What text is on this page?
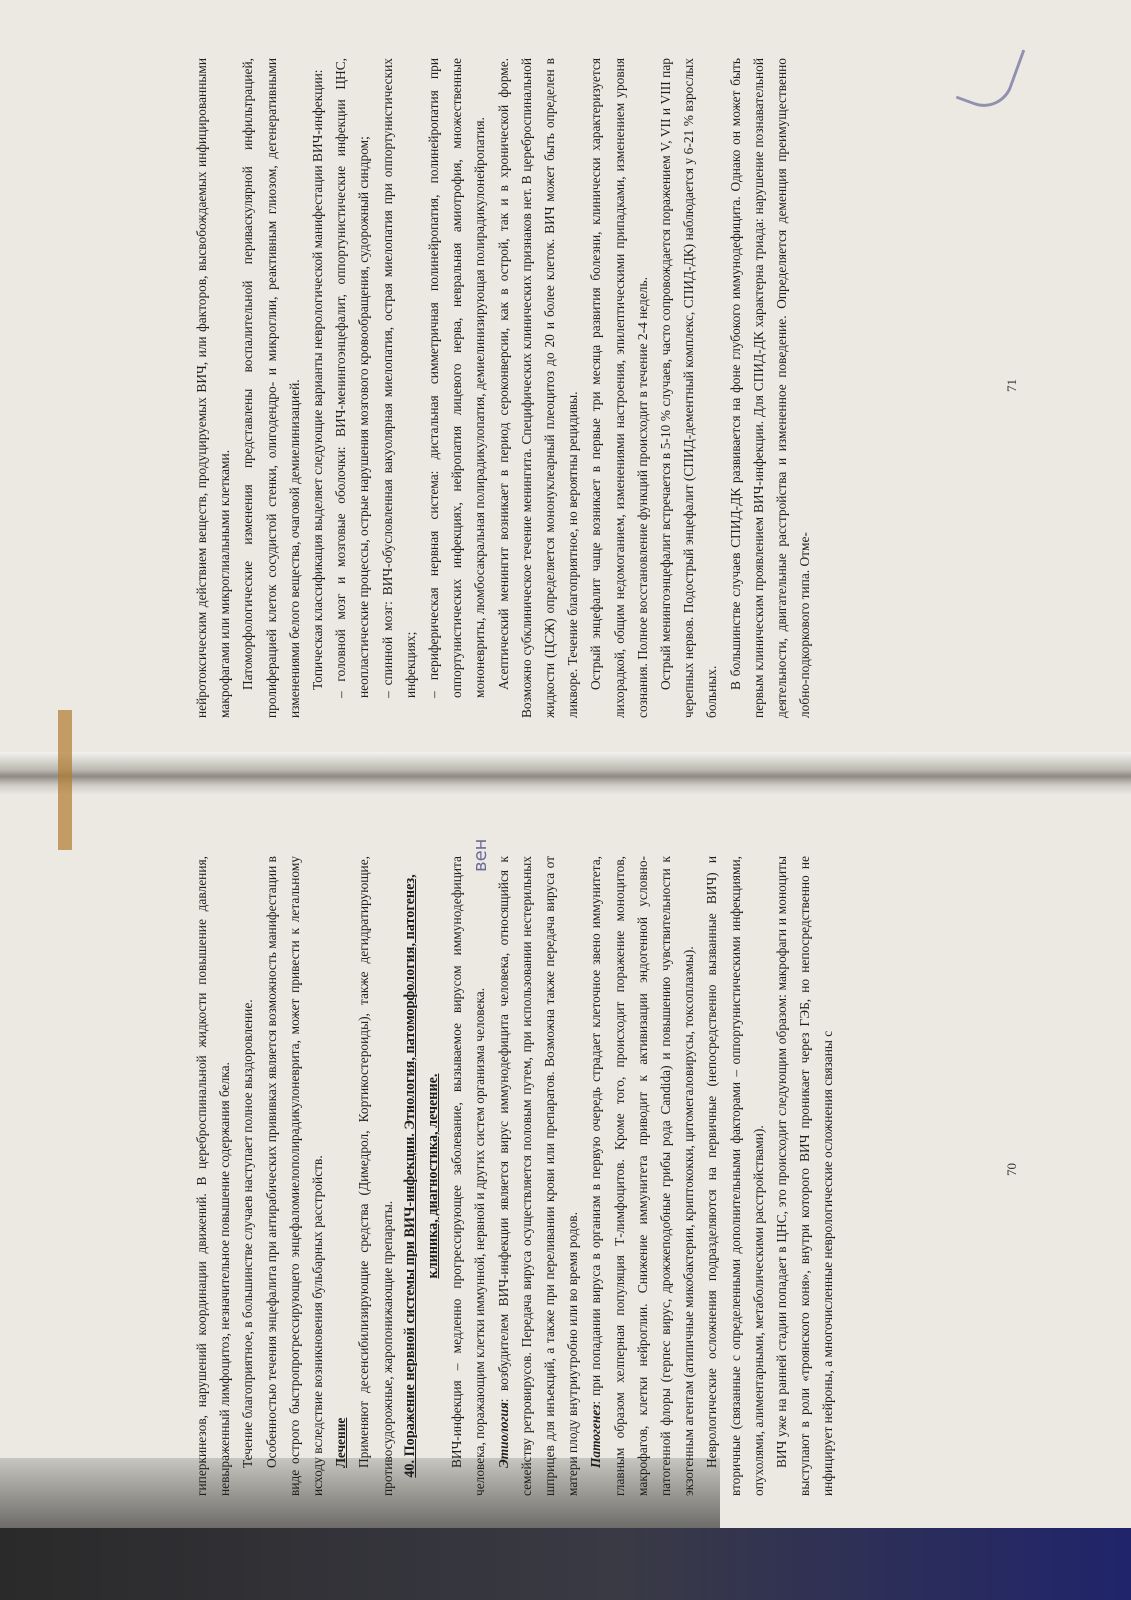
нейротоксическим действием веществ, продуцируемых ВИЧ, или факторов, высвобождаемых инфицированными макрофагами или микроглиальными клетками. Патоморфологические изменения представлены воспалительной периваскулярной инфильтрацией, пролиферацией клеток сосудистой стенки, олигодендро- и микроглии, реактивным глиозом, дегенеративными изменениями белого вещества, очаговой демиелинизацией. Топическая классификация выделяет следующие варианты неврологической манифестации ВИЧ-инфекции: – головной мозг и мозговые оболочки: ВИЧ-менингоэнцефалит, оппортунистические инфекции ЦНС, неопластические процессы, острые нарушения мозгового кровообращения, судорожный синдром; – спинной мозг: ВИЧ-обусловленная вакуолярная миелопатия, острая миелопатия при оппортунистических инфекциях; – периферическая нервная система: дистальная симметричная полинейропатия, полинейропатия при оппортунистических инфекциях, нейропатия лицевого нерва, невральная амиотрофия, множественные мононевриты, люмбосакральная полирадикулопатия, демиелинизирующая полирадикулонейропатия. Асептический менингит возникает в период сероконверсии, как в острой, так и в хронической форме. Возможно субклиническое течение менингита. Специфических клинических признаков нет. В цереброспинальной жидкости (ЦСЖ) определяется мононуклеарный плеоцитоз до 20 и более клеток. ВИЧ может быть определен в ликворе. Течение благоприятное, но вероятны рецидивы. Острый энцефалит чаще возникает в первые три месяца развития болезни, клинически характеризуется лихорадкой, общим недомоганием, изменениями настроения, эпилептическими припадками, изменением уровня сознания. Полное восстановление функций происходит в течение 2-4 недель. Острый менингоэнцефалит встречается в 5-10 % случаев, часто сопровождается поражением V, VII и VIII пар черепных нервов. Подострый энцефалит (СПИД-дементный комплекс, СПИД-ДК) наблюдается у 6-21 % взрослых больных.

В большинстве случаев СПИД-ДК развивается на фоне глубокого иммунодефицита. Однако он может быть первым клиническим проявлением ВИЧ-инфекции. Для СПИД-ДК характерна триада: нарушение познавательной деятельности, двигательные расстройства и измененное поведение. Определяется деменция преимущественно лобно-подкоркового типа. Отме-

71

гиперкинезов, нарушений координации движений. В цереброспинальной жидкости повышение давления, невыраженный лимфоцитоз, незначительное повышение содержания белка. Течение благоприятное, в большинстве случаев наступает полное выздоровление. Особенностью течения энцефалита при антирабических прививках является возможность манифестации в виде острого быстропрогрессирующего энцефаломиелополирадикулоневрита, может привести к летальному исходу вследствие возникновения бульбарных расстройств. Лечение Применяют десенсибилизирующие средства (Димедрол, Кортикостероиды), также дегидратирующие, противосудорожные, жаропонижающие препараты. 40. Поражение нервной системы при ВИЧ-инфекции. Этиология, патоморфология, патогенез, клиника, диагностика, лечение. ВИЧ-инфекция – медленно прогрессирующее заболевание, вызываемое вирусом иммунодефицита человека, поражающим клетки иммунной, нервной и других систем организма человека. Этиология: возбудителем ВИЧ-инфекции является вирус иммунодефицита человека, относящийся к семейству ретровирусов. Передача вируса осуществляется половым путем, при использовании нестерильных шприцев для инъекций, а также при переливании крови или препаратов. Возможна также передача вируса от матери плоду внутриутробно или во время родов. Патогенез: при попадании вируса в организм в первую очередь страдает клеточное звено иммунитета, главным образом хелперная популяция Т-лимфоцитов. Кроме того, происходит поражение моноцитов, макрофагов, клетки нейроглии. Снижение иммунитета приводит к активизации эндогенной условно-патогенной флоры (герпес вирус, дрожжеподобные грибы рода Candida) и повышению чувствительности к экзогенным агентам (атипичные микобактерии, криптококки, цитомегаловирусы, токсоплазмы). Неврологические осложнения подразделяются на первичные (непосредственно вызванные ВИЧ) и вторичные (связанные с определенными дополнительными факторами – оппортунистическими инфекциями, опухолями, алиментарными, метаболическими расстройствами). ВИЧ уже на ранней стадии попадает в ЦНС, это происходит следующим образом: макрофаги и моноциты выступают в роли «троянского коня», внутри которого ВИЧ проникает через ГЭБ, но непосредственно не инфицирует нейроны, а многочисленные неврологические осложнения связаны с	70
вен
